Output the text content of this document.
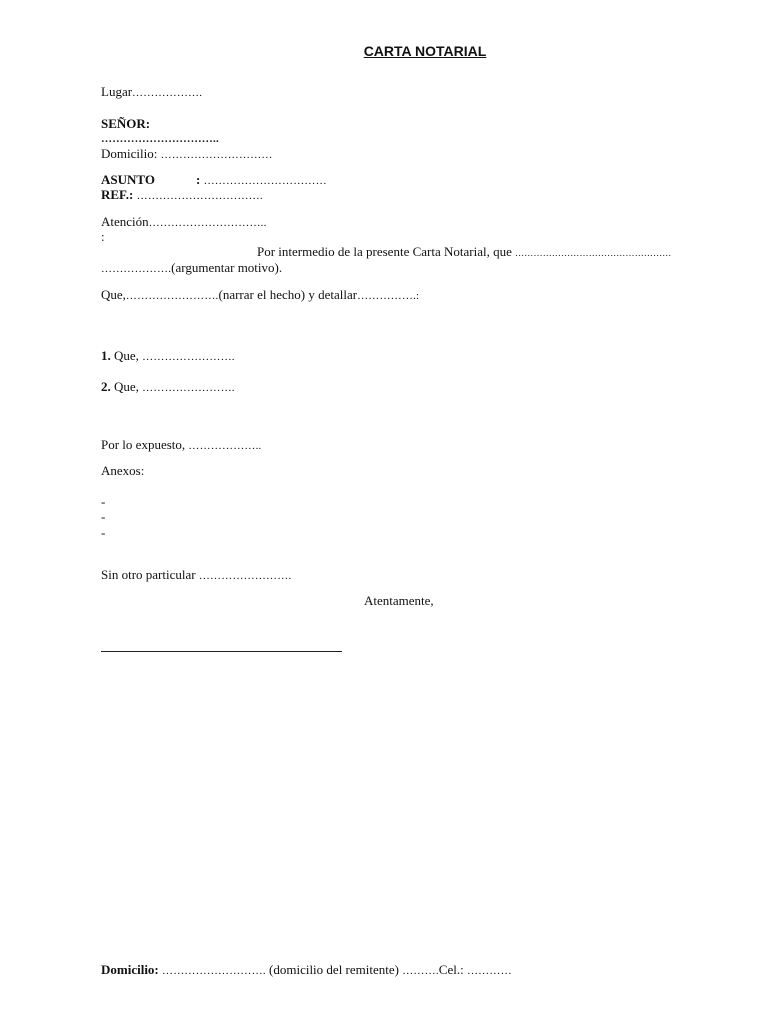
CARTA NOTARIAL
Lugar……………….
SEÑOR:
…………………………..
Domicilio: …………………………
ASUNTO	: ……………………………
REF.: …………………………….
Atención…………………………..
:
Por intermedio de la presente Carta Notarial, que ……………………………………………
……………….(argumentar motivo).
Que,…………………….(narrar el hecho) y detallar…………….:
1. Que, …………………….
2. Que, …………………….
Por lo expuesto, ………………..
Anexos:
-
-
-
Sin otro particular …………………….
Atentamente,
Domicilio: ………………………. (domicilio del remitente) ……….Cel.: …………
